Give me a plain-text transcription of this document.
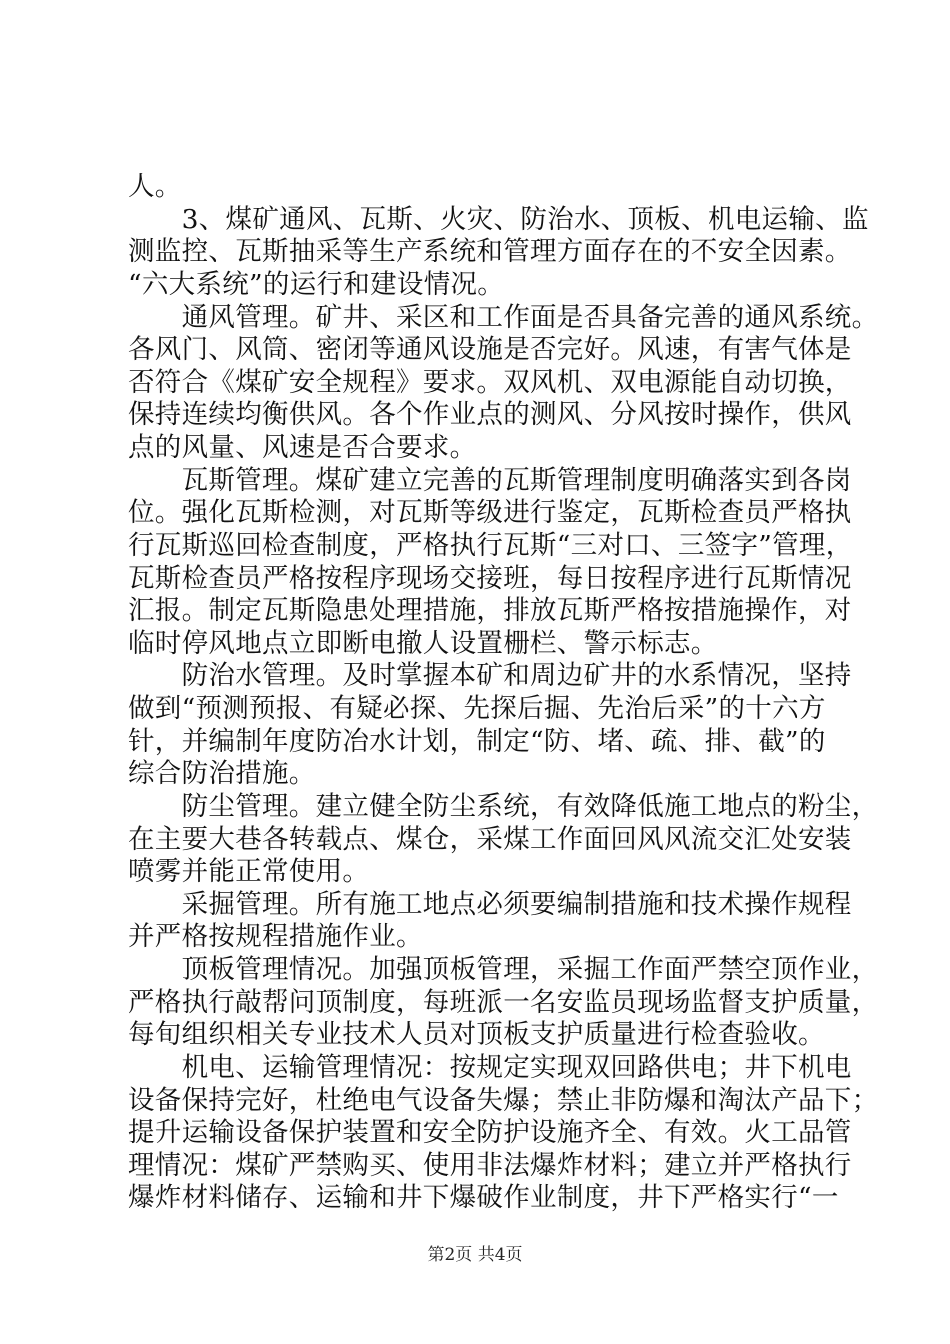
人。
　　3、煤矿通风、瓦斯、火灾、防治水、顶板、机电运输、监
测监控、瓦斯抽采等生产系统和管理方面存在的不安全因素。
“六大系统”的运行和建设情况。
　　通风管理。矿井、采区和工作面是否具备完善的通风系统。
各风门、风筒、密闭等通风设施是否完好。风速，有害气体是
否符合《煤矿安全规程》要求。双风机、双电源能自动切换，
保持连续均衡供风。各个作业点的测风、分风按时操作，供风
点的风量、风速是否合要求。
　　瓦斯管理。煤矿建立完善的瓦斯管理制度明确落实到各岗
位。强化瓦斯检测，对瓦斯等级进行鉴定，瓦斯检查员严格执
行瓦斯巡回检查制度，严格执行瓦斯“三对口、三签字”管理，
瓦斯检查员严格按程序现场交接班，每日按程序进行瓦斯情况
汇报。制定瓦斯隐患处理措施，排放瓦斯严格按措施操作，对
临时停风地点立即断电撤人设置栅栏、警示标志。
　　防治水管理。及时掌握本矿和周边矿井的水系情况，坚持
做到“预测预报、有疑必探、先探后掘、先治后采”的十六方
针，并编制年度防冶水计划，制定“防、堵、疏、排、截”的
综合防治措施。
　　防尘管理。建立健全防尘系统，有效降低施工地点的粉尘，
在主要大巷各转载点、煤仓，采煤工作面回风风流交汇处安装
喷雾并能正常使用。
　　采掘管理。所有施工地点必须要编制措施和技术操作规程
并严格按规程措施作业。
　　顶板管理情况。加强顶板管理，采掘工作面严禁空顶作业，
严格执行敲帮问顶制度，每班派一名安监员现场监督支护质量，
每旬组织相关专业技术人员对顶板支护质量进行检查验收。
　　机电、运输管理情况：按规定实现双回路供电；井下机电
设备保持完好，杜绝电气设备失爆；禁止非防爆和淘汰产品下；
提升运输设备保护装置和安全防护设施齐全、有效。火工品管
理情况：煤矿严禁购买、使用非法爆炸材料；建立并严格执行
爆炸材料储存、运输和井下爆破作业制度，井下严格实行“一
第2页 共4页
